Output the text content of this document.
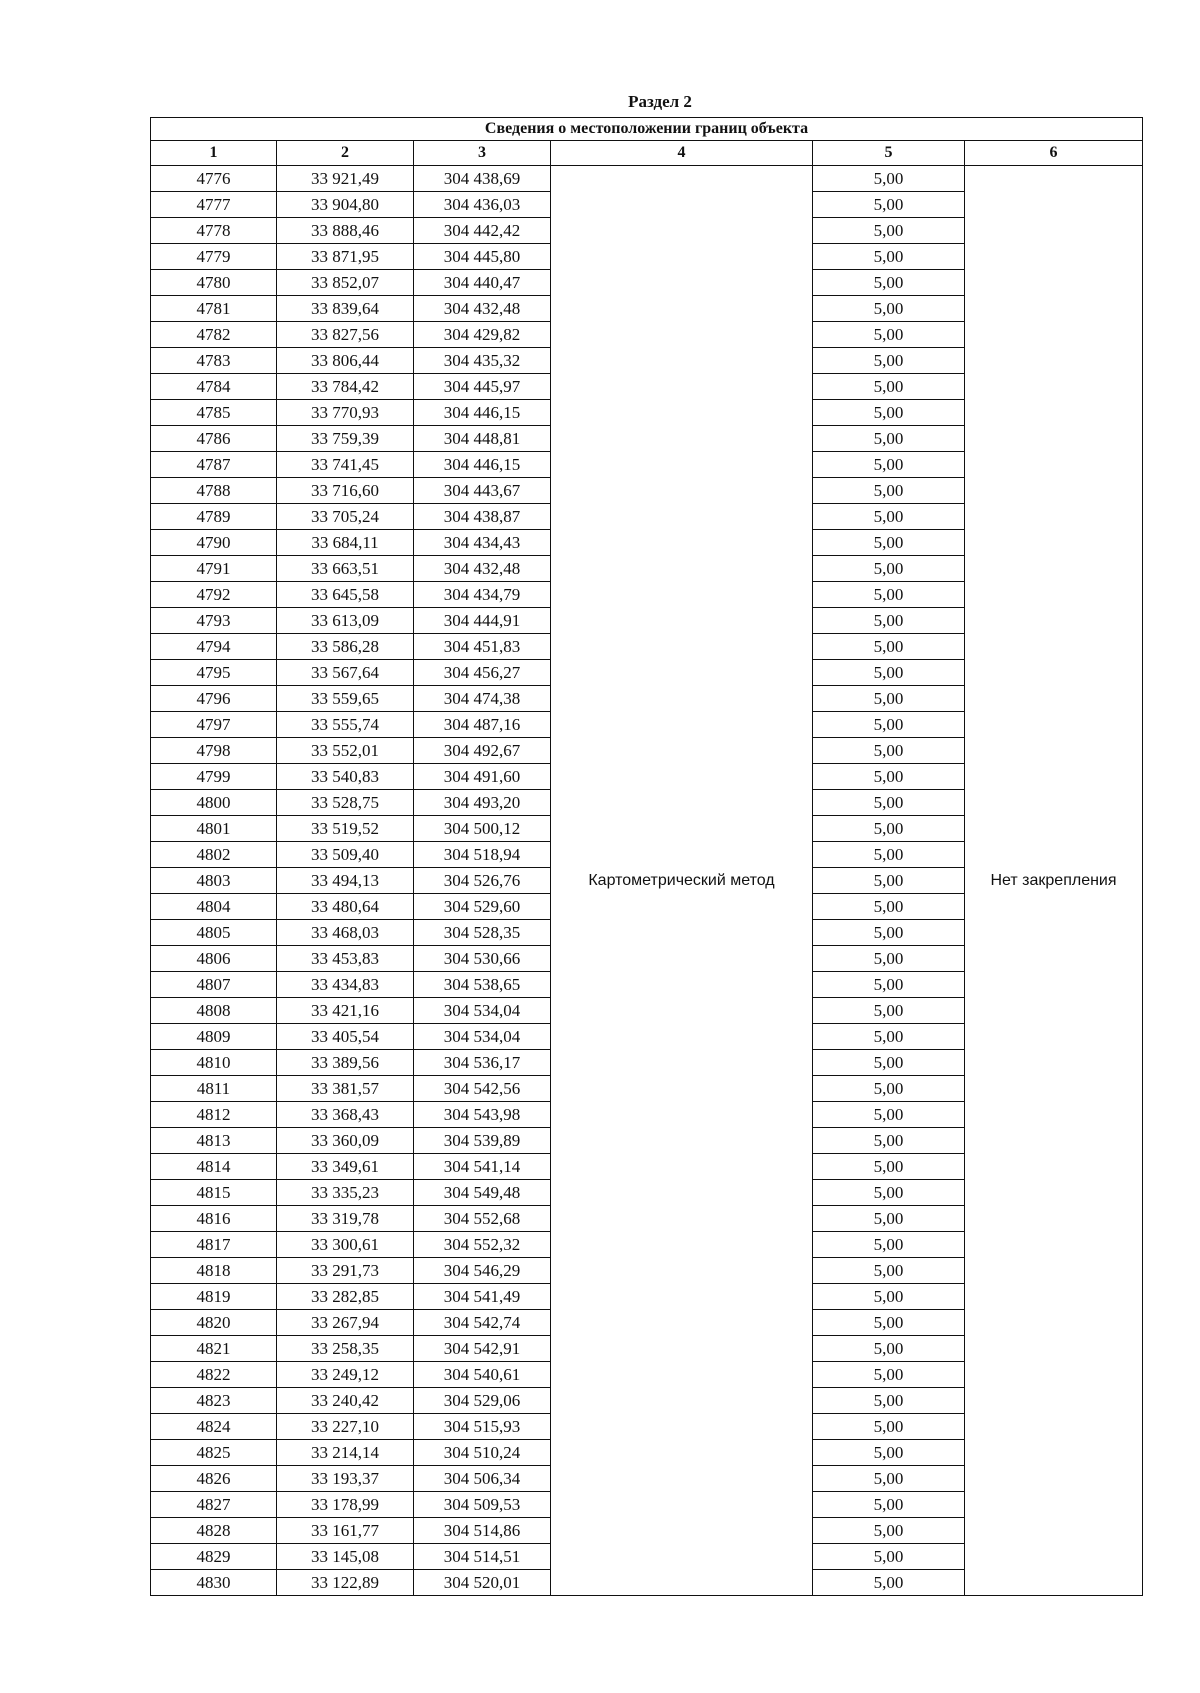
Раздел 2
Сведения о местоположении границ объекта					
1	2	3	4	5	6
4776	33 921,49	304 438,69	Картометрический метод	5,00	Нет закрепления
4777	33 904,80	304 436,03		5,00	
4778	33 888,46	304 442,42		5,00	
4779	33 871,95	304 445,80		5,00	
4780	33 852,07	304 440,47		5,00	
4781	33 839,64	304 432,48		5,00	
4782	33 827,56	304 429,82		5,00	
4783	33 806,44	304 435,32		5,00	
4784	33 784,42	304 445,97		5,00	
4785	33 770,93	304 446,15		5,00	
4786	33 759,39	304 448,81		5,00	
4787	33 741,45	304 446,15		5,00	
4788	33 716,60	304 443,67		5,00	
4789	33 705,24	304 438,87		5,00	
4790	33 684,11	304 434,43		5,00	
4791	33 663,51	304 432,48		5,00	
4792	33 645,58	304 434,79		5,00	
4793	33 613,09	304 444,91		5,00	
4794	33 586,28	304 451,83		5,00	
4795	33 567,64	304 456,27		5,00	
4796	33 559,65	304 474,38		5,00	
4797	33 555,74	304 487,16		5,00	
4798	33 552,01	304 492,67		5,00	
4799	33 540,83	304 491,60		5,00	
4800	33 528,75	304 493,20		5,00	
4801	33 519,52	304 500,12		5,00	
4802	33 509,40	304 518,94		5,00	
4803	33 494,13	304 526,76		5,00	
4804	33 480,64	304 529,60		5,00	
4805	33 468,03	304 528,35		5,00	
4806	33 453,83	304 530,66		5,00	
4807	33 434,83	304 538,65		5,00	
4808	33 421,16	304 534,04		5,00	
4809	33 405,54	304 534,04		5,00	
4810	33 389,56	304 536,17		5,00	
4811	33 381,57	304 542,56		5,00	
4812	33 368,43	304 543,98		5,00	
4813	33 360,09	304 539,89		5,00	
4814	33 349,61	304 541,14		5,00	
4815	33 335,23	304 549,48		5,00	
4816	33 319,78	304 552,68		5,00	
4817	33 300,61	304 552,32		5,00	
4818	33 291,73	304 546,29		5,00	
4819	33 282,85	304 541,49		5,00	
4820	33 267,94	304 542,74		5,00	
4821	33 258,35	304 542,91		5,00	
4822	33 249,12	304 540,61		5,00	
4823	33 240,42	304 529,06		5,00	
4824	33 227,10	304 515,93		5,00	
4825	33 214,14	304 510,24		5,00	
4826	33 193,37	304 506,34		5,00	
4827	33 178,99	304 509,53		5,00	
4828	33 161,77	304 514,86		5,00	
4829	33 145,08	304 514,51		5,00	
4830	33 122,89	304 520,01		5,00	
